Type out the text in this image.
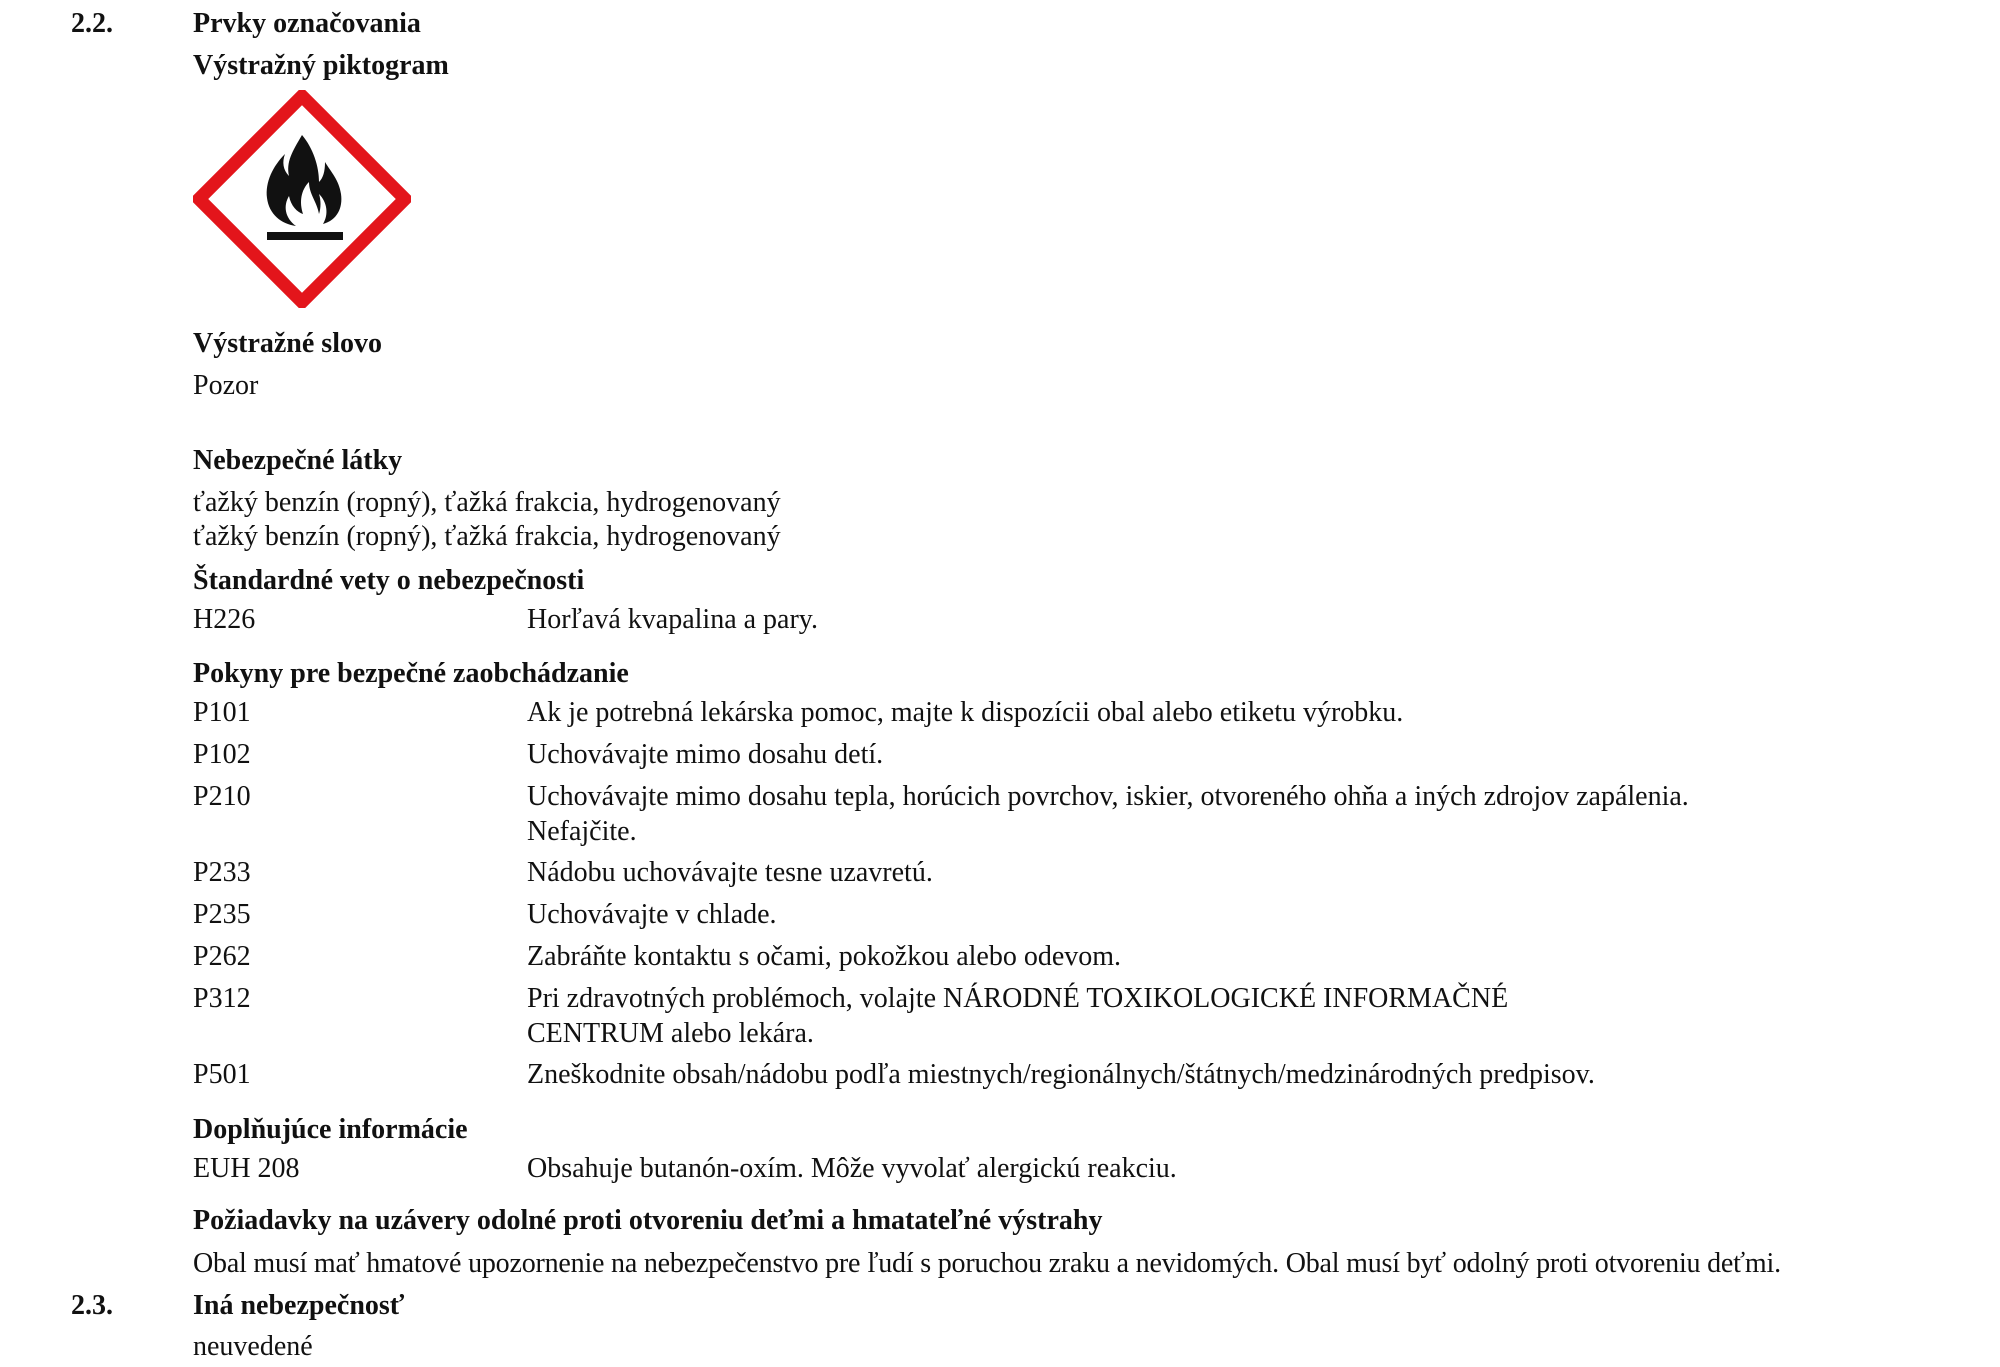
2.2.	Prvky označovania
Výstražný piktogram
Výstražné slovo
Pozor
Nebezpečné látky
ťažký benzín (ropný), ťažká frakcia, hydrogenovaný
ťažký benzín (ropný), ťažká frakcia, hydrogenovaný
Štandardné vety o nebezpečnosti
H226	Horľavá kvapalina a pary.
Pokyny pre bezpečné zaobchádzanie
P101	Ak je potrebná lekárska pomoc, majte k dispozícii obal alebo etiketu výrobku.
P102	Uchovávajte mimo dosahu detí.
P210	Uchovávajte mimo dosahu tepla, horúcich povrchov, iskier, otvoreného ohňa a iných zdrojov zapálenia.
Nefajčite.
P233	Nádobu uchovávajte tesne uzavretú.
P235	Uchovávajte v chlade.
P262	Zabráňte kontaktu s očami, pokožkou alebo odevom.
P312	Pri zdravotných problémoch, volajte NÁRODNÉ TOXIKOLOGICKÉ INFORMAČNÉ
CENTRUM alebo lekára.
P501	Zneškodnite obsah/nádobu podľa miestnych/regionálnych/štátnych/medzinárodných predpisov.
Doplňujúce informácie
EUH 208	Obsahuje butanón-oxím. Môže vyvolať alergickú reakciu.
Požiadavky na uzávery odolné proti otvoreniu deťmi a hmatateľné výstrahy
Obal musí mať hmatové upozornenie na nebezpečenstvo pre ľudí s poruchou zraku a nevidomých. Obal musí byť odolný proti otvoreniu deťmi.
2.3.	Iná nebezpečnosť
neuvedené
